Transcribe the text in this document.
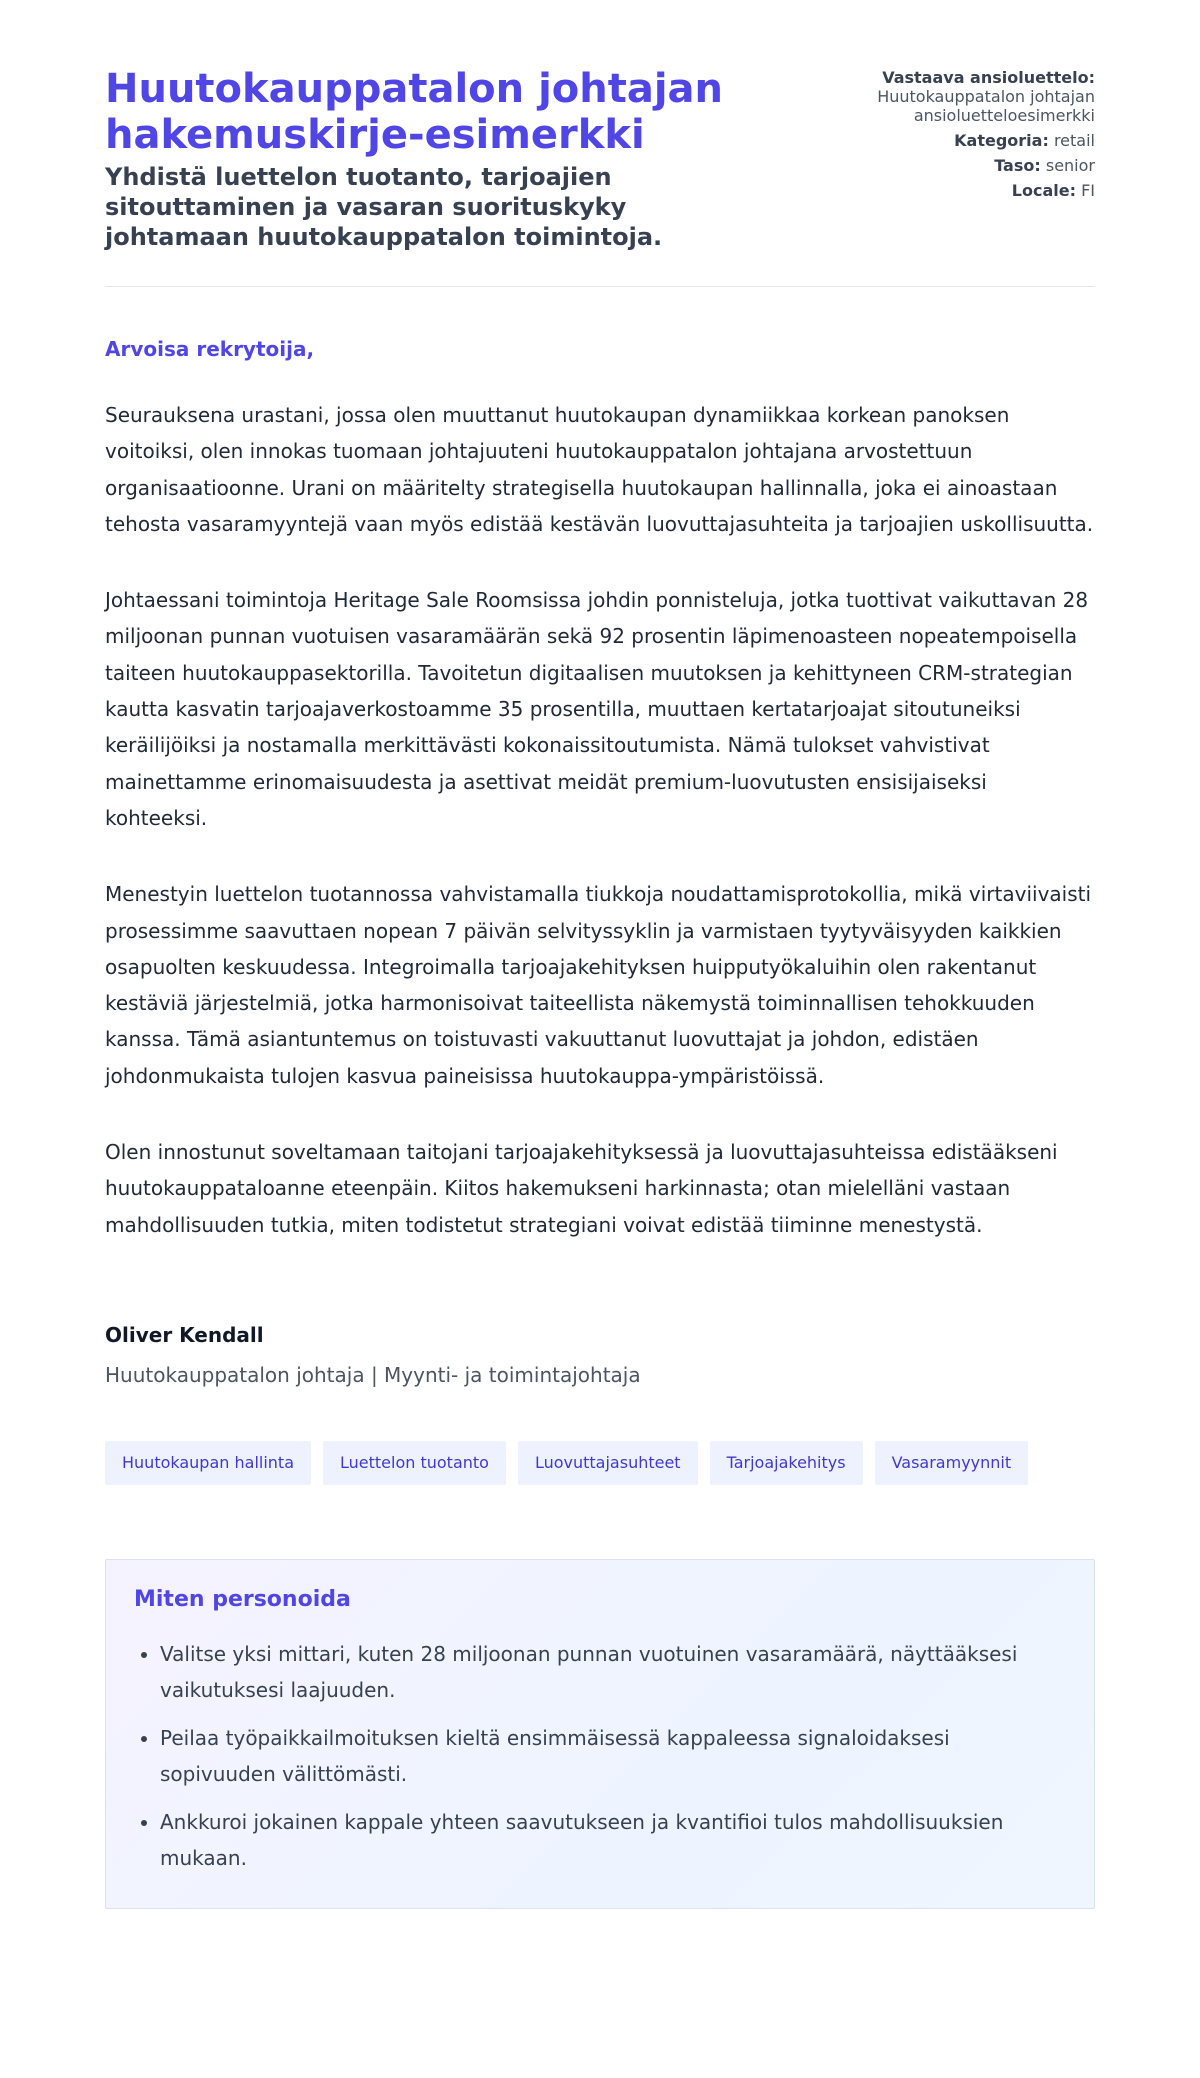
Huutokauppatalon johtajan hakemuskirje-esimerkki

Yhdistä luettelon tuotanto, tarjoajien sitouttaminen ja vasaran suorituskyky johtamaan huutokauppatalon toimintoja.

Vastaava ansioluettelo:
Huutokauppatalon johtajan ansioluetteloesimerkki
Kategoria: retail
Taso: senior
Locale: FI
Arvoisa rekrytoija,

Seurauksena urastani, jossa olen muuttanut huutokaupan dynamiikkaa korkean panoksen voitoiksi, olen innokas tuomaan johtajuuteni huutokauppatalon johtajana arvostettuun organisaatioonne. Urani on määritelty strategisella huutokaupan hallinnalla, joka ei ainoastaan tehosta vasaramyyntejä vaan myös edistää kestävän luovuttajasuhteita ja tarjoajien uskollisuutta.

Johtaessani toimintoja Heritage Sale Roomsissa johdin ponnisteluja, jotka tuottivat vaikuttavan 28 miljoonan punnan vuotuisen vasaramäärän sekä 92 prosentin läpimenoasteen nopeatempoisella taiteen huutokauppasektorilla. Tavoitetun digitaalisen muutoksen ja kehittyneen CRM-strategian kautta kasvatin tarjoajaverkostoamme 35 prosentilla, muuttaen kertatarjoajat sitoutuneiksi keräilijöiksi ja nostamalla merkittävästi kokonaissitoutumista. Nämä tulokset vahvistivat mainettamme erinomaisuudesta ja asettivat meidät premium-luovutusten ensisijaiseksi kohteeksi.

Menestyin luettelon tuotannossa vahvistamalla tiukkoja noudattamisprotokollia, mikä virtaviivaisti prosessimme saavuttaen nopean 7 päivän selvityssyklin ja varmistaen tyytyväisyyden kaikkien osapuolten keskuudessa. Integroimalla tarjoajakehityksen huipputyökaluihin olen rakentanut kestäviä järjestelmiä, jotka harmonisoivat taiteellista näkemystä toiminnallisen tehokkuuden kanssa. Tämä asiantuntemus on toistuvasti vakuuttanut luovuttajat ja johdon, edistäen johdonmukaista tulojen kasvua paineisissa huutokauppa-ympäristöissä.

Olen innostunut soveltamaan taitojani tarjoajakehityksessä ja luovuttajasuhteissa edistääkseni huutokauppataloanne eteenpäin. Kiitos hakemukseni harkinnasta; otan mielelläni vastaan mahdollisuuden tutkia, miten todistetut strategiani voivat edistää tiiminne menestystä.

Oliver Kendall
Huutokauppatalon johtaja | Myynti- ja toimintajohtaja
Huutokaupan hallinta	Luettelon tuotanto	Luovuttajasuhteet	Tarjoajakehitys	Vasaramyynnit
Miten personoida
• Valitse yksi mittari, kuten 28 miljoonan punnan vuotuinen vasaramäärä, näyttääksesi vaikutuksesi laajuuden.
• Peilaa työpaikkailmoituksen kieltä ensimmäisessä kappaleessa signaloidaksesi sopivuuden välittömästi.
• Ankkuroi jokainen kappale yhteen saavutukseen ja kvantifioi tulos mahdollisuuksien mukaan.
